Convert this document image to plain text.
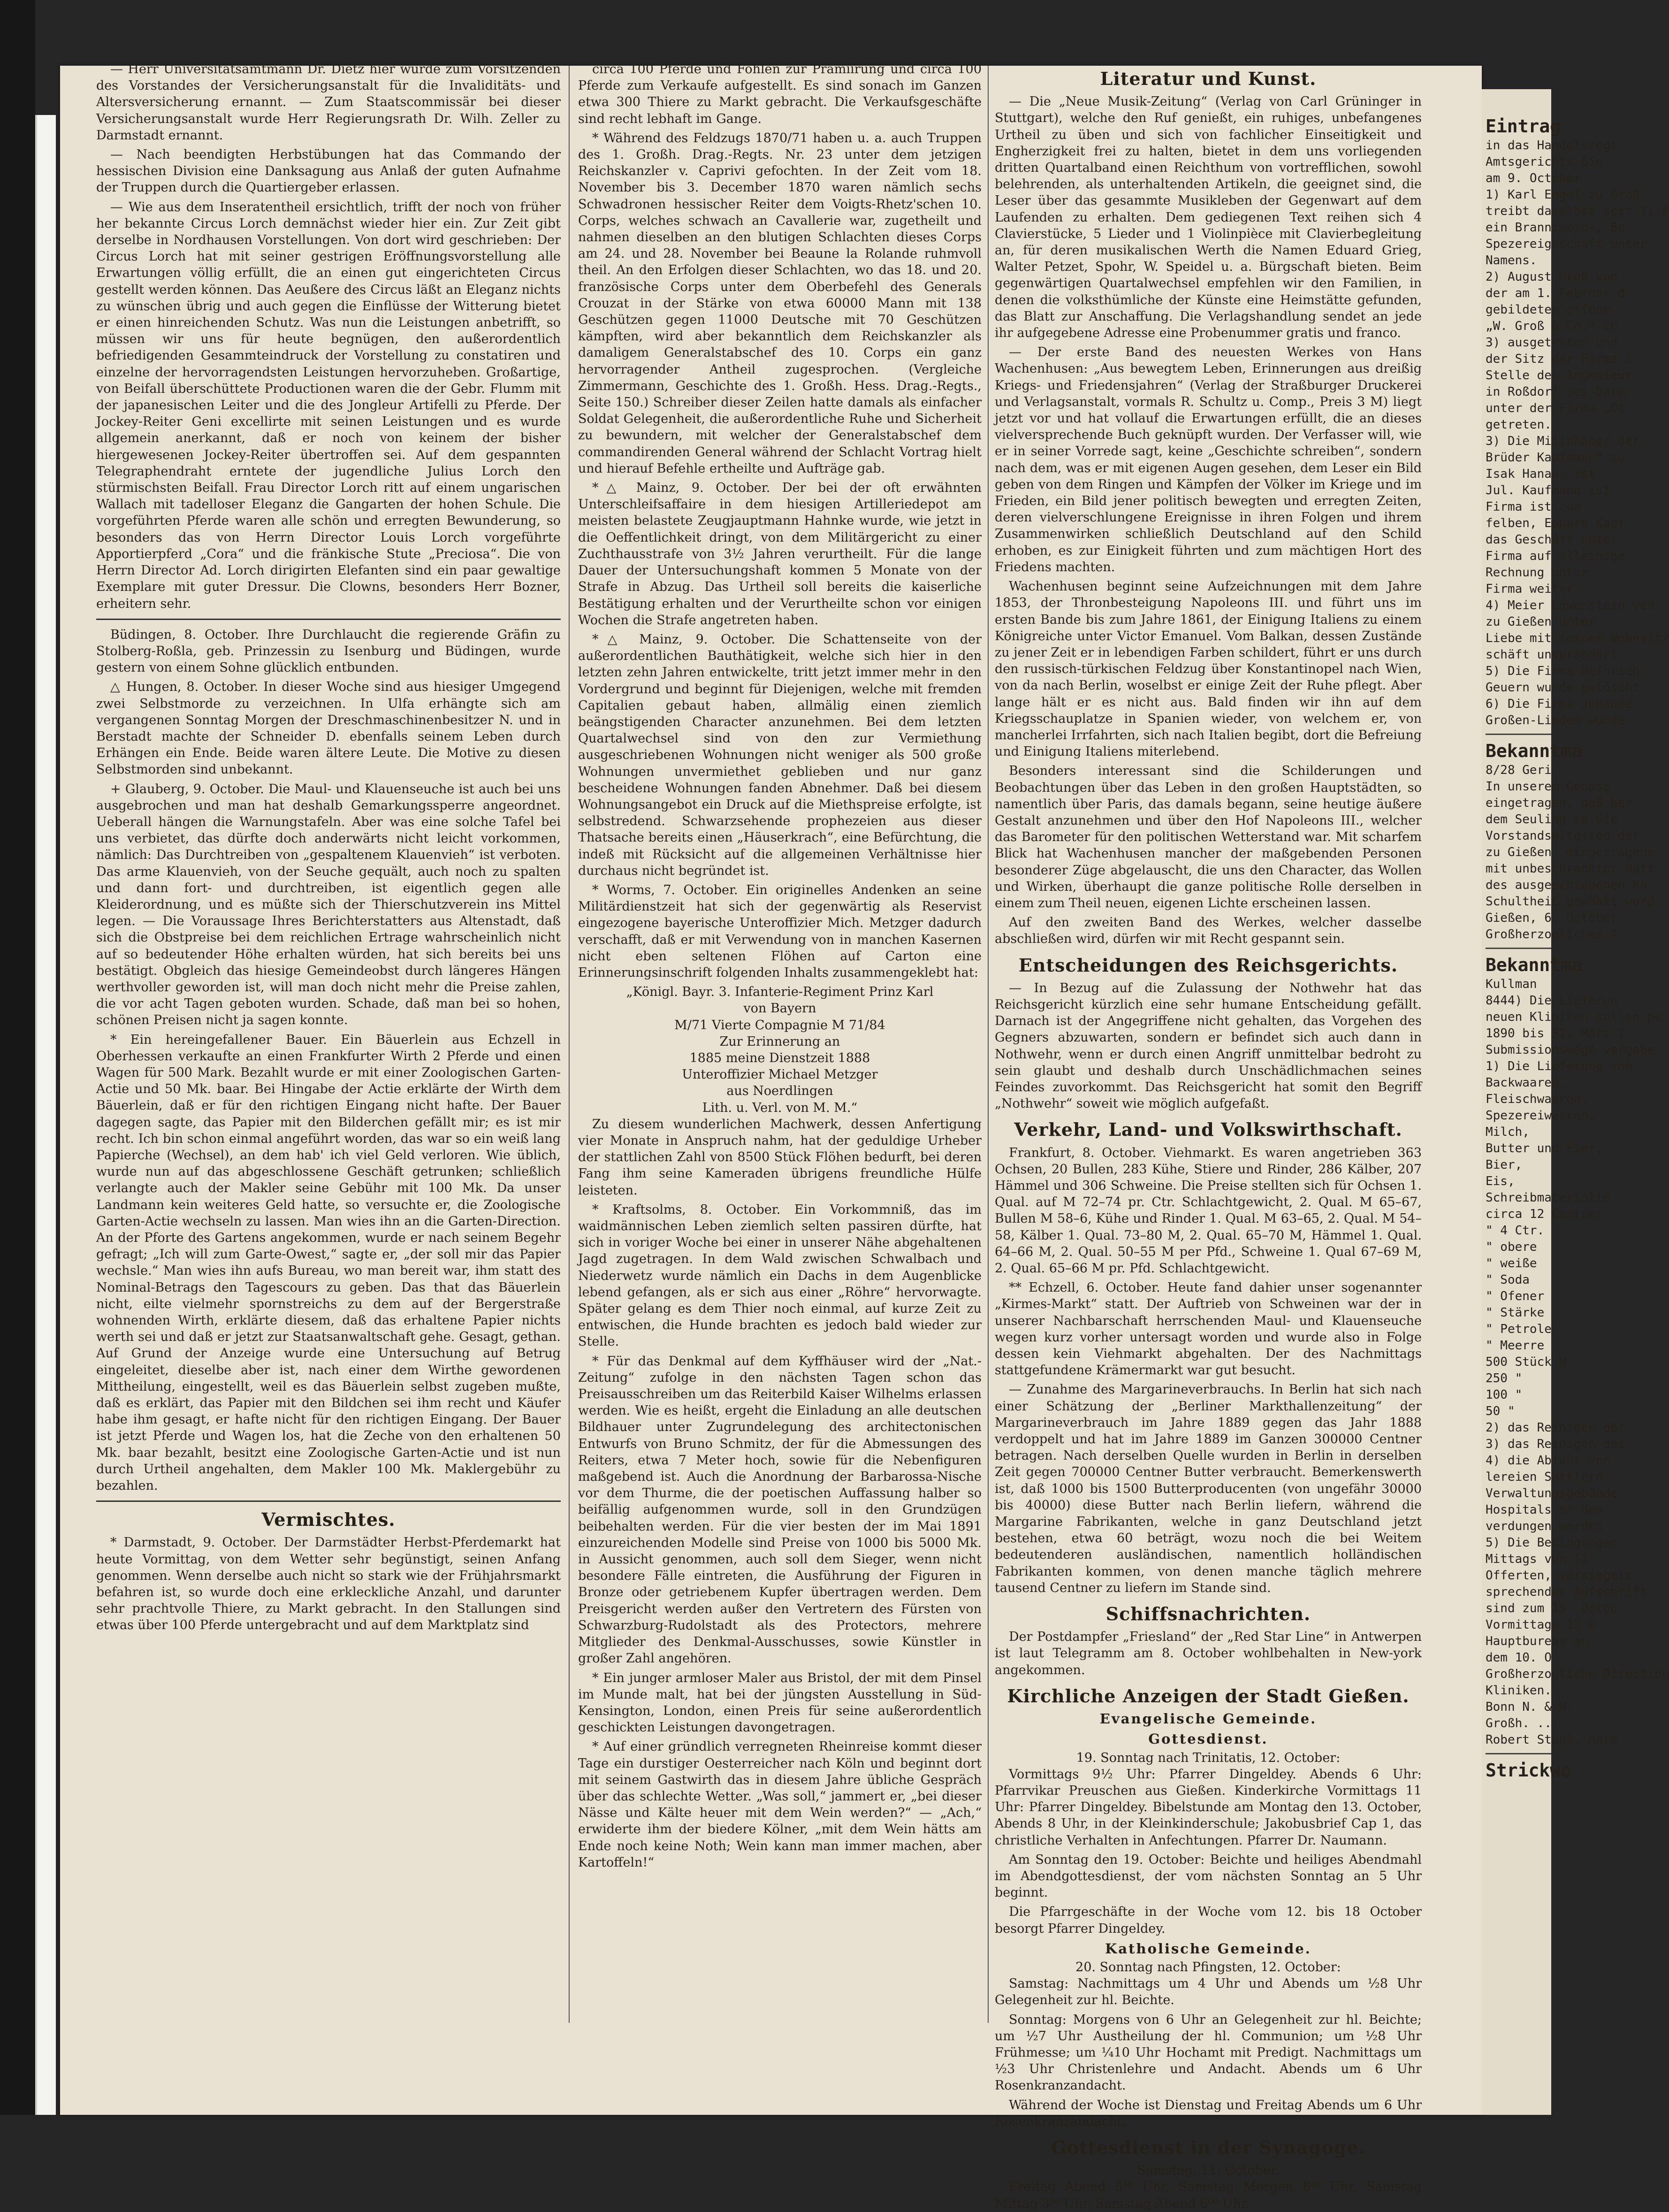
— Herr Universitätsamtmann Dr. Dietz hier wurde zum Vorsitzenden des Vorstandes der Versicherungsanstalt für die Invaliditäts- und Altersversicherung ernannt. — Zum Staatscommissär bei dieser Versicherungsanstalt wurde Herr Regierungsrath Dr. Wilh. Zeller zu Darmstadt ernannt.

— Nach beendigten Herbstübungen hat das Commando der hessischen Division eine Danksagung aus Anlaß der guten Aufnahme der Truppen durch die Quartiergeber erlassen.

— Wie aus dem Inseratentheil ersichtlich, trifft der noch von früher her bekannte Circus Lorch demnächst wieder hier ein. Zur Zeit gibt derselbe in Nordhausen Vorstellungen. Von dort wird geschrieben: Der Circus Lorch hat mit seiner gestrigen Eröffnungsvorstellung alle Erwartungen völlig erfüllt, die an einen gut eingerichteten Circus gestellt werden können. Das Aeußere des Circus läßt an Eleganz nichts zu wünschen übrig und auch gegen die Einflüsse der Witterung bietet er einen hinreichenden Schutz. Was nun die Leistungen anbetrifft, so müssen wir uns für heute begnügen, den außerordentlich befriedigenden Gesammteindruck der Vorstellung zu constatiren und einzelne der hervorragendsten Leistungen hervorzuheben. Großartige, von Beifall überschüttete Productionen waren die der Gebr. Flumm mit der japanesischen Leiter und die des Jongleur Artifelli zu Pferde. Der Jockey-Reiter Geni excellirte mit seinen Leistungen und es wurde allgemein anerkannt, daß er noch von keinem der bisher hiergewesenen Jockey-Reiter übertroffen sei. Auf dem gespannten Telegraphendraht erntete der jugendliche Julius Lorch den stürmischsten Beifall. Frau Director Lorch ritt auf einem ungarischen Wallach mit tadelloser Eleganz die Gangarten der hohen Schule. Die vorgeführten Pferde waren alle schön und erregten Bewunderung, so besonders das von Herrn Director Louis Lorch vorgeführte Apportierpferd „Cora“ und die fränkische Stute „Preciosa“. Die von Herrn Director Ad. Lorch dirigirten Elefanten sind ein paar gewaltige Exemplare mit guter Dressur. Die Clowns, besonders Herr Bozner, erheitern sehr.

Büdingen, 8. October. Ihre Durchlaucht die regierende Gräfin zu Stolberg-Roßla, geb. Prinzessin zu Isenburg und Büdingen, wurde gestern von einem Sohne glücklich entbunden.

△ Hungen, 8. October. In dieser Woche sind aus hiesiger Umgegend zwei Selbstmorde zu verzeichnen. In Ulfa erhängte sich am vergangenen Sonntag Morgen der Dreschmaschinenbesitzer N. und in Berstadt machte der Schneider D. ebenfalls seinem Leben durch Erhängen ein Ende. Beide waren ältere Leute. Die Motive zu diesen Selbstmorden sind unbekannt.

+ Glauberg, 9. October. Die Maul- und Klauenseuche ist auch bei uns ausgebrochen und man hat deshalb Gemarkungssperre angeordnet. Ueberall hängen die Warnungstafeln. Aber was eine solche Tafel bei uns verbietet, das dürfte doch anderwärts nicht leicht vorkommen, nämlich: Das Durchtreiben von „gespaltenem Klauenvieh“ ist verboten. Das arme Klauenvieh, von der Seuche gequält, auch noch zu spalten und dann fort- und durchtreiben, ist eigentlich gegen alle Kleiderordnung, und es müßte sich der Thierschutzverein ins Mittel legen. — Die Voraussage Ihres Berichterstatters aus Altenstadt, daß sich die Obstpreise bei dem reichlichen Ertrage wahrscheinlich nicht auf so bedeutender Höhe erhalten würden, hat sich bereits bei uns bestätigt. Obgleich das hiesige Gemeindeobst durch längeres Hängen werthvoller geworden ist, will man doch nicht mehr die Preise zahlen, die vor acht Tagen geboten wurden. Schade, daß man bei so hohen, schönen Preisen nicht ja sagen konnte.

* Ein hereingefallener Bauer. Ein Bäuerlein aus Echzell in Oberhessen verkaufte an einen Frankfurter Wirth 2 Pferde und einen Wagen für 500 Mark. Bezahlt wurde er mit einer Zoologischen Garten-Actie und 50 Mk. baar. Bei Hingabe der Actie erklärte der Wirth dem Bäuerlein, daß er für den richtigen Eingang nicht hafte. Der Bauer dagegen sagte, das Papier mit den Bilderchen gefällt mir; es ist mir recht. Ich bin schon einmal angeführt worden, das war so ein weiß lang Papierche (Wechsel), an dem hab' ich viel Geld verloren. Wie üblich, wurde nun auf das abgeschlossene Geschäft getrunken; schließlich verlangte auch der Makler seine Gebühr mit 100 Mk. Da unser Landmann kein weiteres Geld hatte, so versuchte er, die Zoologische Garten-Actie wechseln zu lassen. Man wies ihn an die Garten-Direction. An der Pforte des Gartens angekommen, wurde er nach seinem Begehr gefragt; „Ich will zum Garte-Owest,“ sagte er, „der soll mir das Papier wechsle.“ Man wies ihn aufs Bureau, wo man bereit war, ihm statt des Nominal-Betrags den Tagescours zu geben. Das that das Bäuerlein nicht, eilte vielmehr spornstreichs zu dem auf der Bergerstraße wohnenden Wirth, erklärte diesem, daß das erhaltene Papier nichts werth sei und daß er jetzt zur Staatsanwaltschaft gehe. Gesagt, gethan. Auf Grund der Anzeige wurde eine Untersuchung auf Betrug eingeleitet, dieselbe aber ist, nach einer dem Wirthe gewordenen Mittheilung, eingestellt, weil es das Bäuerlein selbst zugeben mußte, daß es erklärt, das Papier mit den Bildchen sei ihm recht und Käufer habe ihm gesagt, er hafte nicht für den richtigen Eingang. Der Bauer ist jetzt Pferde und Wagen los, hat die Zeche von den erhaltenen 50 Mk. baar bezahlt, besitzt eine Zoologische Garten-Actie und ist nun durch Urtheil angehalten, dem Makler 100 Mk. Maklergebühr zu bezahlen.

Vermischtes.

* Darmstadt, 9. October. Der Darmstädter Herbst-Pferdemarkt hat heute Vormittag, von dem Wetter sehr begünstigt, seinen Anfang genommen. Wenn derselbe auch nicht so stark wie der Frühjahrsmarkt befahren ist, so wurde doch eine erkleckliche Anzahl, und darunter sehr prachtvolle Thiere, zu Markt gebracht. In den Stallungen sind etwas über 100 Pferde untergebracht und auf dem Marktplatz sind

circa 100 Pferde und Fohlen zur Prämiirung und circa 100 Pferde zum Verkaufe aufgestellt. Es sind sonach im Ganzen etwa 300 Thiere zu Markt gebracht. Die Verkaufsgeschäfte sind recht lebhaft im Gange.

* Während des Feldzugs 1870/71 haben u. a. auch Truppen des 1. Großh. Drag.-Regts. Nr. 23 unter dem jetzigen Reichskanzler v. Caprivi gefochten. In der Zeit vom 18. November bis 3. December 1870 waren nämlich sechs Schwadronen hessischer Reiter dem Voigts-Rhetz'schen 10. Corps, welches schwach an Cavallerie war, zugetheilt und nahmen dieselben an den blutigen Schlachten dieses Corps am 24. und 28. November bei Beaune la Rolande ruhmvoll theil. An den Erfolgen dieser Schlachten, wo das 18. und 20. französische Corps unter dem Oberbefehl des Generals Crouzat in der Stärke von etwa 60000 Mann mit 138 Geschützen gegen 11000 Deutsche mit 70 Geschützen kämpften, wird aber bekanntlich dem Reichskanzler als damaligem Generalstabschef des 10. Corps ein ganz hervorragender Antheil zugesprochen. (Vergleiche Zimmermann, Geschichte des 1. Großh. Hess. Drag.-Regts., Seite 150.) Schreiber dieser Zeilen hatte damals als einfacher Soldat Gelegenheit, die außerordentliche Ruhe und Sicherheit zu bewundern, mit welcher der Generalstabschef dem commandirenden General während der Schlacht Vortrag hielt und hierauf Befehle ertheilte und Aufträge gab.

*△ Mainz, 9. October. Der bei der oft erwähnten Unterschleifsaffaire in dem hiesigen Artilleriedepot am meisten belastete Zeugjauptmann Hahnke wurde, wie jetzt in die Oeffentlichkeit dringt, von dem Militärgericht zu einer Zuchthausstrafe von 3½ Jahren verurtheilt. Für die lange Dauer der Untersuchungshaft kommen 5 Monate von der Strafe in Abzug. Das Urtheil soll bereits die kaiserliche Bestätigung erhalten und der Verurtheilte schon vor einigen Wochen die Strafe angetreten haben.

*△ Mainz, 9. October. Die Schattenseite von der außerordentlichen Bauthätigkeit, welche sich hier in den letzten zehn Jahren entwickelte, tritt jetzt immer mehr in den Vordergrund und beginnt für Diejenigen, welche mit fremden Capitalien gebaut haben, allmälig einen ziemlich beängstigenden Character anzunehmen. Bei dem letzten Quartalwechsel sind von den zur Vermiethung ausgeschriebenen Wohnungen nicht weniger als 500 große Wohnungen unvermiethet geblieben und nur ganz bescheidene Wohnungen fanden Abnehmer. Daß bei diesem Wohnungsangebot ein Druck auf die Miethspreise erfolgte, ist selbstredend. Schwarzsehende prophezeien aus dieser Thatsache bereits einen „Häuserkrach“, eine Befürchtung, die indeß mit Rücksicht auf die allgemeinen Verhältnisse hier durchaus nicht begründet ist.

* Worms, 7. October. Ein originelles Andenken an seine Militärdienstzeit hat sich der gegenwärtig als Reservist eingezogene bayerische Unteroffizier Mich. Metzger dadurch verschafft, daß er mit Verwendung von in manchen Kasernen nicht eben seltenen Flöhen auf Carton eine Erinnerungsinschrift folgenden Inhalts zusammengeklebt hat:

„Königl. Bayr. 3. Infanterie-Regiment Prinz Karl

von Bayern

M/71 Vierte Compagnie M 71/84

Zur Erinnerung an

1885 meine Dienstzeit 1888

Unteroffizier Michael Metzger

aus Noerdlingen

Lith. u. Verl. von M. M.“

Zu diesem wunderlichen Machwerk, dessen Anfertigung vier Monate in Anspruch nahm, hat der geduldige Urheber der stattlichen Zahl von 8500 Stück Flöhen bedurft, bei deren Fang ihm seine Kameraden übrigens freundliche Hülfe leisteten.

* Kraftsolms, 8. October. Ein Vorkommniß, das im waidmännischen Leben ziemlich selten passiren dürfte, hat sich in voriger Woche bei einer in unserer Nähe abgehaltenen Jagd zugetragen. In dem Wald zwischen Schwalbach und Niederwetz wurde nämlich ein Dachs in dem Augenblicke lebend gefangen, als er sich aus einer „Röhre“ hervorwagte. Später gelang es dem Thier noch einmal, auf kurze Zeit zu entwischen, die Hunde brachten es jedoch bald wieder zur Stelle.

* Für das Denkmal auf dem Kyffhäuser wird der „Nat.-Zeitung“ zufolge in den nächsten Tagen schon das Preisausschreiben um das Reiterbild Kaiser Wilhelms erlassen werden. Wie es heißt, ergeht die Einladung an alle deutschen Bildhauer unter Zugrundelegung des architectonischen Entwurfs von Bruno Schmitz, der für die Abmessungen des Reiters, etwa 7 Meter hoch, sowie für die Nebenfiguren maßgebend ist. Auch die Anordnung der Barbarossa-Nische vor dem Thurme, die der poetischen Auffassung halber so beifällig aufgenommen wurde, soll in den Grundzügen beibehalten werden. Für die vier besten der im Mai 1891 einzureichenden Modelle sind Preise von 1000 bis 5000 Mk. in Aussicht genommen, auch soll dem Sieger, wenn nicht besondere Fälle eintreten, die Ausführung der Figuren in Bronze oder getriebenem Kupfer übertragen werden. Dem Preisgericht werden außer den Vertretern des Fürsten von Schwarzburg-Rudolstadt als des Protectors, mehrere Mitglieder des Denkmal-Ausschusses, sowie Künstler in großer Zahl angehören.

* Ein junger armloser Maler aus Bristol, der mit dem Pinsel im Munde malt, hat bei der jüngsten Ausstellung in Süd-Kensington, London, einen Preis für seine außerordentlich geschickten Leistungen davongetragen.

* Auf einer gründlich verregneten Rheinreise kommt dieser Tage ein durstiger Oesterreicher nach Köln und beginnt dort mit seinem Gastwirth das in diesem Jahre übliche Gespräch über das schlechte Wetter. „Was soll,“ jammert er, „bei dieser Nässe und Kälte heuer mit dem Wein werden?“ — „Ach,“ erwiderte ihm der biedere Kölner, „mit dem Wein hätts am Ende noch keine Noth; Wein kann man immer machen, aber Kartoffeln!“

Literatur und Kunst.

— Die „Neue Musik-Zeitung“ (Verlag von Carl Grüninger in Stuttgart), welche den Ruf genießt, ein ruhiges, unbefangenes Urtheil zu üben und sich von fachlicher Einseitigkeit und Engherzigkeit frei zu halten, bietet in dem uns vorliegenden dritten Quartalband einen Reichthum von vortrefflichen, sowohl belehrenden, als unterhaltenden Artikeln, die geeignet sind, die Leser über das gesammte Musikleben der Gegenwart auf dem Laufenden zu erhalten. Dem gediegenen Text reihen sich 4 Clavierstücke, 5 Lieder und 1 Violinpièce mit Clavierbegleitung an, für deren musikalischen Werth die Namen Eduard Grieg, Walter Petzet, Spohr, W. Speidel u. a. Bürgschaft bieten. Beim gegenwärtigen Quartalwechsel empfehlen wir den Familien, in denen die volksthümliche der Künste eine Heimstätte gefunden, das Blatt zur Anschaffung. Die Verlagshandlung sendet an jede ihr aufgegebene Adresse eine Probenummer gratis und franco.

— Der erste Band des neuesten Werkes von Hans Wachenhusen: „Aus bewegtem Leben, Erinnerungen aus dreißig Kriegs- und Friedensjahren“ (Verlag der Straßburger Druckerei und Verlagsanstalt, vormals R. Schultz u. Comp., Preis 3 M) liegt jetzt vor und hat vollauf die Erwartungen erfüllt, die an dieses vielversprechende Buch geknüpft wurden. Der Verfasser will, wie er in seiner Vorrede sagt, keine „Geschichte schreiben“, sondern nach dem, was er mit eigenen Augen gesehen, dem Leser ein Bild geben von dem Ringen und Kämpfen der Völker im Kriege und im Frieden, ein Bild jener politisch bewegten und erregten Zeiten, deren vielverschlungene Ereignisse in ihren Folgen und ihrem Zusammenwirken schließlich Deutschland auf den Schild erhoben, es zur Einigkeit führten und zum mächtigen Hort des Friedens machten.

Wachenhusen beginnt seine Aufzeichnungen mit dem Jahre 1853, der Thronbesteigung Napoleons III. und führt uns im ersten Bande bis zum Jahre 1861, der Einigung Italiens zu einem Königreiche unter Victor Emanuel. Vom Balkan, dessen Zustände zu jener Zeit er in lebendigen Farben schildert, führt er uns durch den russisch-türkischen Feldzug über Konstantinopel nach Wien, von da nach Berlin, woselbst er einige Zeit der Ruhe pflegt. Aber lange hält er es nicht aus. Bald finden wir ihn auf dem Kriegsschauplatze in Spanien wieder, von welchem er, von mancherlei Irrfahrten, sich nach Italien begibt, dort die Befreiung und Einigung Italiens miterlebend.

Besonders interessant sind die Schilderungen und Beobachtungen über das Leben in den großen Hauptstädten, so namentlich über Paris, das damals begann, seine heutige äußere Gestalt anzunehmen und über den Hof Napoleons III., welcher das Barometer für den politischen Wetterstand war. Mit scharfem Blick hat Wachenhusen mancher der maßgebenden Personen besonderer Züge abgelauscht, die uns den Character, das Wollen und Wirken, überhaupt die ganze politische Rolle derselben in einem zum Theil neuen, eigenen Lichte erscheinen lassen.

Auf den zweiten Band des Werkes, welcher dasselbe abschließen wird, dürfen wir mit Recht gespannt sein.

Entscheidungen des Reichsgerichts.

— In Bezug auf die Zulassung der Nothwehr hat das Reichsgericht kürzlich eine sehr humane Entscheidung gefällt. Darnach ist der Angegriffene nicht gehalten, das Vorgehen des Gegners abzuwarten, sondern er befindet sich auch dann in Nothwehr, wenn er durch einen Angriff unmittelbar bedroht zu sein glaubt und deshalb durch Unschädlichmachen seines Feindes zuvorkommt. Das Reichsgericht hat somit den Begriff „Nothwehr“ soweit wie möglich aufgefaßt.

Verkehr, Land- und Volkswirthschaft.

Frankfurt, 8. October. Viehmarkt. Es waren angetrieben 363 Ochsen, 20 Bullen, 283 Kühe, Stiere und Rinder, 286 Kälber, 207 Hämmel und 306 Schweine. Die Preise stellten sich für Ochsen 1. Qual. auf M 72–74 pr. Ctr. Schlachtgewicht, 2. Qual. M 65–67, Bullen M 58–6, Kühe und Rinder 1. Qual. M 63–65, 2. Qual. M 54–58, Kälber 1. Qual. 73–80 M, 2. Qual. 65–70 M, Hämmel 1. Qual. 64–66 M, 2. Qual. 50–55 M per Pfd., Schweine 1. Qual 67–69 M, 2. Qual. 65–66 M pr. Pfd. Schlachtgewicht.

** Echzell, 6. October. Heute fand dahier unser sogenannter „Kirmes-Markt“ statt. Der Auftrieb von Schweinen war der in unserer Nachbarschaft herrschenden Maul- und Klauenseuche wegen kurz vorher untersagt worden und wurde also in Folge dessen kein Viehmarkt abgehalten. Der des Nachmittags stattgefundene Krämermarkt war gut besucht.

— Zunahme des Margarineverbrauchs. In Berlin hat sich nach einer Schätzung der „Berliner Markthallenzeitung“ der Margarineverbrauch im Jahre 1889 gegen das Jahr 1888 verdoppelt und hat im Jahre 1889 im Ganzen 300000 Centner betragen. Nach derselben Quelle wurden in Berlin in derselben Zeit gegen 700000 Centner Butter verbraucht. Bemerkenswerth ist, daß 1000 bis 1500 Butterproducenten (von ungefähr 30000 bis 40000) diese Butter nach Berlin liefern, während die Margarine Fabrikanten, welche in ganz Deutschland jetzt bestehen, etwa 60 beträgt, wozu noch die bei Weitem bedeutenderen ausländischen, namentlich holländischen Fabrikanten kommen, von denen manche täglich mehrere tausend Centner zu liefern im Stande sind.

Schiffsnachrichten.

Der Postdampfer „Friesland“ der „Red Star Line“ in Antwerpen ist laut Telegramm am 8. October wohlbehalten in New-york angekommen.

Kirchliche Anzeigen der Stadt Gießen.
Evangelische Gemeinde.
Gottesdienst.

19. Sonntag nach Trinitatis, 12. October:

Vormittags 9½ Uhr: Pfarrer Dingeldey. Abends 6 Uhr: Pfarrvikar Preuschen aus Gießen. Kinderkirche Vormittags 11 Uhr: Pfarrer Dingeldey. Bibelstunde am Montag den 13. October, Abends 8 Uhr, in der Kleinkinderschule; Jakobusbrief Cap 1, das christliche Verhalten in Anfechtungen. Pfarrer Dr. Naumann.

Am Sonntag den 19. October: Beichte und heiliges Abendmahl im Abendgottesdienst, der vom nächsten Sonntag an 5 Uhr beginnt.

Die Pfarrgeschäfte in der Woche vom 12. bis 18 October besorgt Pfarrer Dingeldey.

Katholische Gemeinde.

20. Sonntag nach Pfingsten, 12. October:

Samstag: Nachmittags um 4 Uhr und Abends um ½8 Uhr Gelegenheit zur hl. Beichte.

Sonntag: Morgens von 6 Uhr an Gelegenheit zur hl. Beichte; um ½7 Uhr Austheilung der hl. Communion; um ½8 Uhr Frühmesse; um ¼10 Uhr Hochamt mit Predigt. Nachmittags um ½3 Uhr Christenlehre und Andacht. Abends um 6 Uhr Rosenkranzandacht.

Während der Woche ist Dienstag und Freitag Abends um 6 Uhr Rosenkranzandacht.

Gottesdienst in der Synagoge.

Samstag, 11. October.

Freitag Abend 5³⁰ Uhr, Samstag Morgen 8³⁰ Uhr, Samstag Mittag 3⁰⁰ Uhr, Samstag Abend 6⁰⁰ Uhr.

Eintrag
in das Handelsregi
Amtsgerichts Gie
am 9. October
1) Karl Engel zu Groß
treibt daselbst seit 1. F
ein Branntwein-, Be
Spezereigeschäft unter
Namens.
2) August Groß von
der am 1. Februar d.
gebildeten offene
„W. Groß & Co.“ zu
3) ausgetreten und
der Sitz der Firma i
Stelle des Ingenieur
in Roßdorf bei Darm
unter der Firma „Ot
getreten.
3) Die Mitinhaber der
Brüder Kaufmann“ zu
Isak Hanau, ist
Jul. Kaufmann ist
Firma ist zum
felben, Eduard Kauf
das Geschäft unter
Firma auf alleinige
Rechnung unter
Firma weiter.
4) Meier Löwenstein von
zu Gießen unter
Liebe mit seinem Wohnsitz
schäft unverändert
5) Die Firma Heinrich
Geuern wurde gelöscht
6) Die Firma Johanne
Großen-Linden wurde
Bekanntma
8/28 Geri
In unserem Genoss
eingetragen, daß her
dem Seuling zu Gie
Vorstandsmitglied der
zu Gießen, eingetragene
mit unbeschränkter Haft
des ausgeschiedenen Ka
Schultheiß gewählt word
Gießen, 6. October
Großherzogliches A
Bekanntma
Kullman
8444) Die Lieferun
neuen Kliniken sollen pe
1890 bis 31. März 1
Submissionswege vergebe
1) Die Lieferung von
Backwaaren,
Fleischwaaren,
Spezereiwaaren,
Milch,
Butter und Eier,
Bier,
Eis,
Schreibmaterialie
circa 12 Centner
" 4 Ctr.
" obere
" weiße
" Soda
" Ofener
" Stärke
" Petrole
" Meerre
500 Stück W
250 "
100 "
50 "
2) das Reinigen der
3) das Reinigen des
4) die Abfuhr von
lereien Sattlern
Verwaltungsgebäude
Hospitals an den
verdungen werden
5) Die Bedingungen
Mittags von 11
Offerten, versiegelt
sprechender Aufschrift
sind zum 15. Octob
Vormittags 12 U
Hauptbureau an
dem 10. O
Großherzogliche Direction
Kliniken.
Bonn N. & W.
Großh. ...
Robert Stuhl, Mark
Strickwo
